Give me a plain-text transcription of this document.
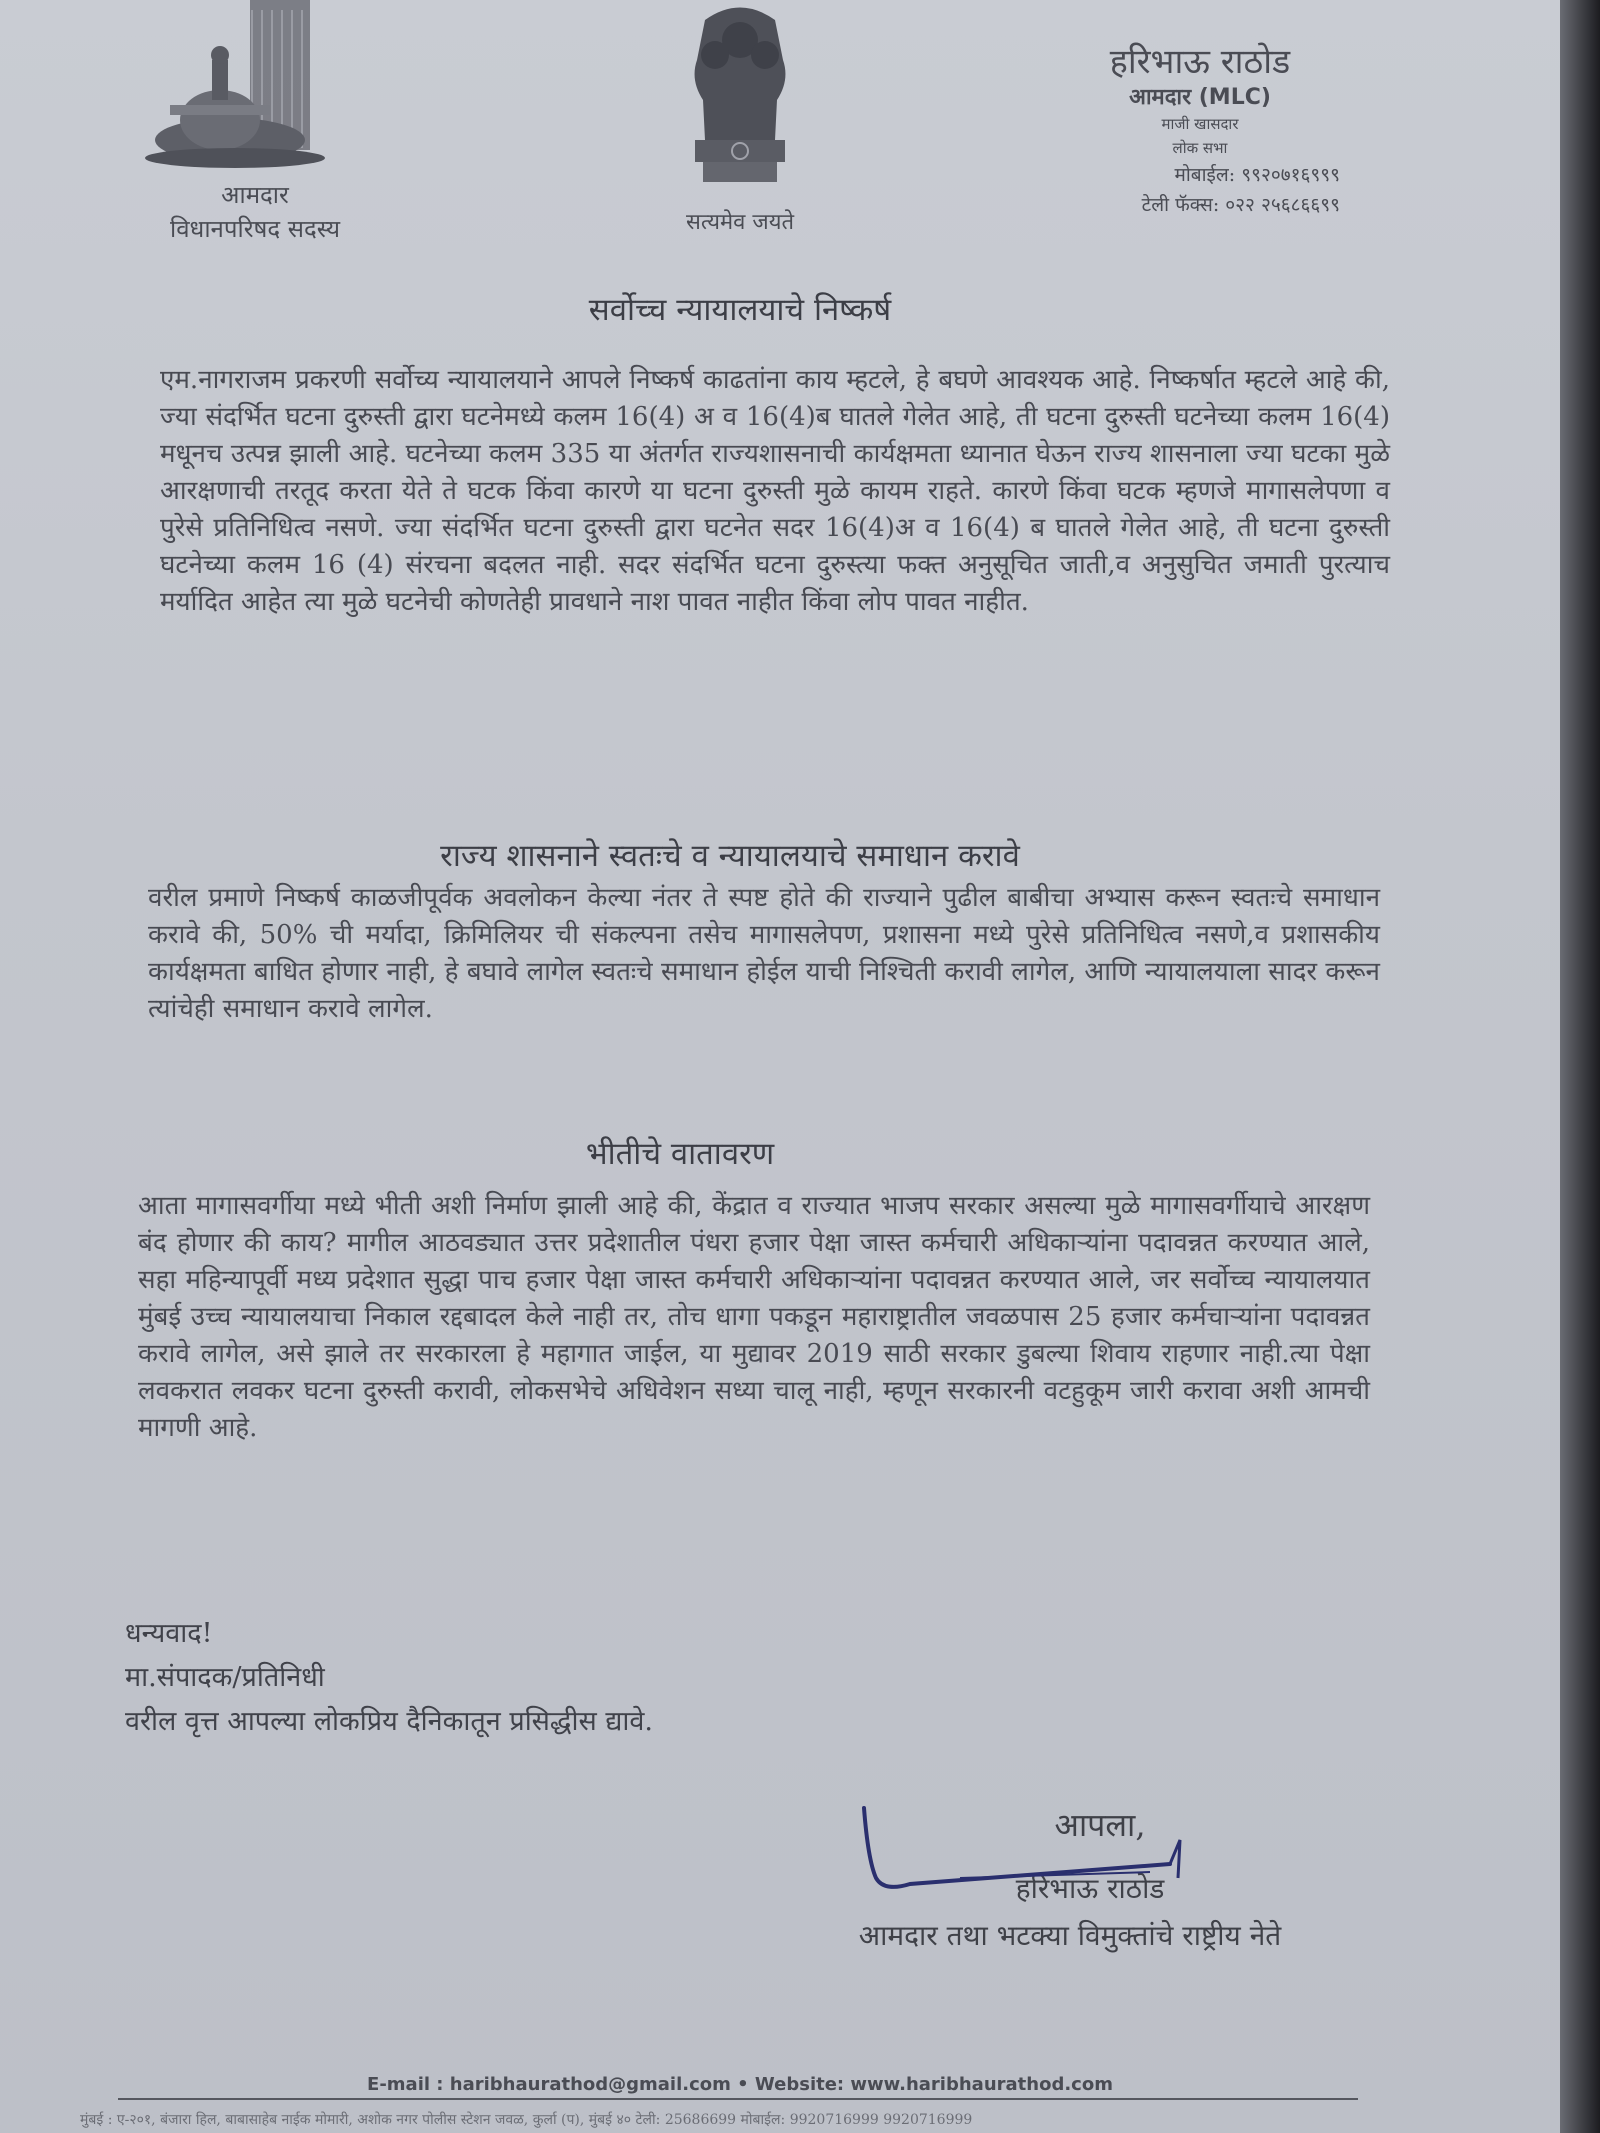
आमदार
विधानपरिषद सदस्य	सत्यमेव जयते
हरिभाऊ राठोड
आमदार (MLC)
माजी खासदार
लोक सभा
मोबाईल: ९९२०७१६९९९
टेली फॅक्स: ०२२ २५६८६६९९
सर्वोच्च न्यायालयाचे निष्कर्ष
एम.नागराजम प्रकरणी सर्वोच्य न्यायालयाने आपले निष्कर्ष काढतांना काय म्हटले, हे बघणे आवश्यक आहे. निष्कर्षात म्हटले आहे की, ज्या संदर्भित घटना दुरुस्ती द्वारा घटनेमध्ये कलम 16(4) अ व 16(4)ब घातले गेलेत आहे, ती घटना दुरुस्ती घटनेच्या कलम 16(4) मधूनच उत्पन्न झाली आहे. घटनेच्या कलम 335 या अंतर्गत राज्यशासनाची कार्यक्षमता ध्यानात घेऊन राज्य शासनाला ज्या घटका मुळे आरक्षणाची तरतूद करता येते ते घटक किंवा कारणे या घटना दुरुस्ती मुळे कायम राहते. कारणे किंवा घटक म्हणजे मागासलेपणा व पुरेसे प्रतिनिधित्व नसणे. ज्या संदर्भित घटना दुरुस्ती द्वारा घटनेत सदर 16(4)अ व 16(4) ब घातले गेलेत आहे, ती घटना दुरुस्ती घटनेच्या कलम 16 (4) संरचना बदलत नाही. सदर संदर्भित घटना दुरुस्त्या फक्त अनुसूचित जाती,व अनुसुचित जमाती पुरत्याच मर्यादित आहेत त्या मुळे घटनेची कोणतेही प्रावधाने नाश पावत नाहीत किंवा लोप पावत नाहीत.
राज्य शासनाने स्वतःचे व न्यायालयाचे समाधान करावे
वरील प्रमाणे निष्कर्ष काळजीपूर्वक अवलोकन केल्या नंतर ते स्पष्ट होते की राज्याने पुढील बाबीचा अभ्यास करून स्वतःचे समाधान करावे की, 50% ची मर्यादा, क्रिमिलियर ची संकल्पना तसेच मागासलेपण, प्रशासना मध्ये पुरेसे प्रतिनिधित्व नसणे,व प्रशासकीय कार्यक्षमता बाधित होणार नाही, हे बघावे लागेल स्वतःचे समाधान होईल याची निश्चिती करावी लागेल, आणि न्यायालयाला सादर करून त्यांचेही समाधान करावे लागेल.
भीतीचे वातावरण
आता मागासवर्गीया मध्ये भीती अशी निर्माण झाली आहे की, केंद्रात व राज्यात भाजप सरकार असल्या मुळे मागासवर्गीयाचे आरक्षण बंद होणार की काय? मागील आठवड्यात उत्तर प्रदेशातील पंधरा हजार पेक्षा जास्त कर्मचारी अधिकाऱ्यांना पदावन्नत करण्यात आले, सहा महिन्यापूर्वी मध्य प्रदेशात सुद्धा पाच हजार पेक्षा जास्त कर्मचारी अधिकाऱ्यांना पदावन्नत करण्यात आले, जर सर्वोच्च न्यायालयात मुंबई उच्च न्यायालयाचा निकाल रद्दबादल केले नाही तर, तोच धागा पकडून महाराष्ट्रातील जवळपास 25 हजार कर्मचाऱ्यांना पदावन्नत करावे लागेल, असे झाले तर सरकारला हे महागात जाईल, या मुद्यावर 2019 साठी सरकार डुबल्या शिवाय राहणार नाही.त्या पेक्षा लवकरात लवकर घटना दुरुस्ती करावी, लोकसभेचे अधिवेशन सध्या चालू नाही, म्हणून सरकारनी वटहुकूम जारी करावा अशी आमची मागणी आहे.
धन्यवाद!
मा.संपादक/प्रतिनिधी
वरील वृत्त आपल्या लोकप्रिय दैनिकातून प्रसिद्धीस द्यावे.
आपला,
हरिभाऊ राठोड
आमदार तथा भटक्या विमुक्तांचे राष्ट्रीय नेते
E-mail : haribhaurathod@gmail.com • Website: www.haribhaurathod.com
मुंबई : ए-२०१, बंजारा हिल, बाबासाहेब नाईक मोमारी, अशोक नगर पोलीस स्टेशन जवळ, कुर्ला (प), मुंबई ४० टेली: 25686699 मोबाईल: 9920716999 9920716999
